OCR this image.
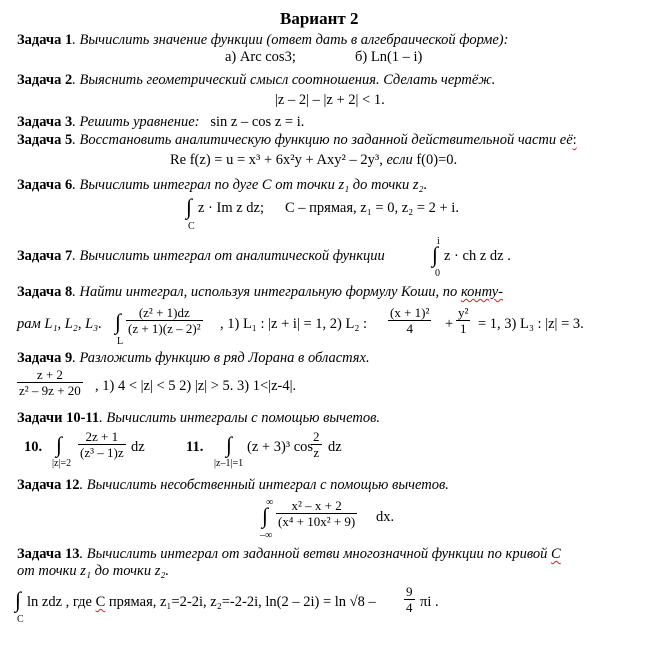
Вариант 2
Задача 1. Вычислить значение функции (ответ дать в алгебраической форме):
а) Arc cos3;	б) Ln(1 – i)
Задача 2. Выяснить геометрический смысл соотношения. Сделать чертёж.
|z – 2| – |z + 2| < 1.
Задача 3. Решить уравнение: sin z – cos z = i.
Задача 5. Восстановить аналитическую функцию по заданной действительной части её:
Re f(z) = u = x³ + 6x²y + Axy² – 2y³, если f(0)=0.
Задача 6. Вычислить интеграл по дуге C от точки z₁ до точки z₂.
∫
C
z · Im z dz; C – прямая, z₁ = 0, z₂ = 2 + i.
Задача 7. Вычислить интеграл от аналитической функции
i
∫
0
z · ch z dz .
Задача 8. Найти интеграл, используя интегральную формулу Коши, по конту-
рам L₁, L₂, L₃. ∫
L
$\frac{\text{(z² + 1)dz}}{\text{(z + 1)(z – 2)²}}$ , 1) L₁ : |z + i| = 1, 2) L₂ : $\frac{\text{(x + 1)²}}{4} + \frac{\text{y²}}{1} = 1$, 3) L₃ : |z| = 3.
Задача 9. Разложить функцию в ряд Лорана в областях.
$\frac{z + 2}{\text{z² – 9z + 20}}$ , 1) 4 < |z| < 5 2) |z| > 5. 3) 1<|z-4|.
Задачи 10-11. Вычислить интегралы с помощью вычетов.
10. ∫
|z|=2
$\frac{2z + 1}{\text{(z³ – 1)z}}$ dz	11. ∫
|z–1|=1
(z + 3)³ cos
$\frac{2}{z}$ dz
Задача 12. Вычислить несобственный интеграл с помощью вычетов.
∞
∫
–∞
$\frac{\text{x² – x + 2}}{\text{(x⁴ + 10x² + 9)}}$ dx.
Задача 13. Вычислить интеграл от заданной ветви многозначной функции по кривой C
от точки z₁ до точки z₂.
∫
C
ln zdz , где C прямая, z₁=2-2i, z₂=-2-2i, $\ln(2 - 2i) = \ln √8 - \frac{9}{4}$ πi .
